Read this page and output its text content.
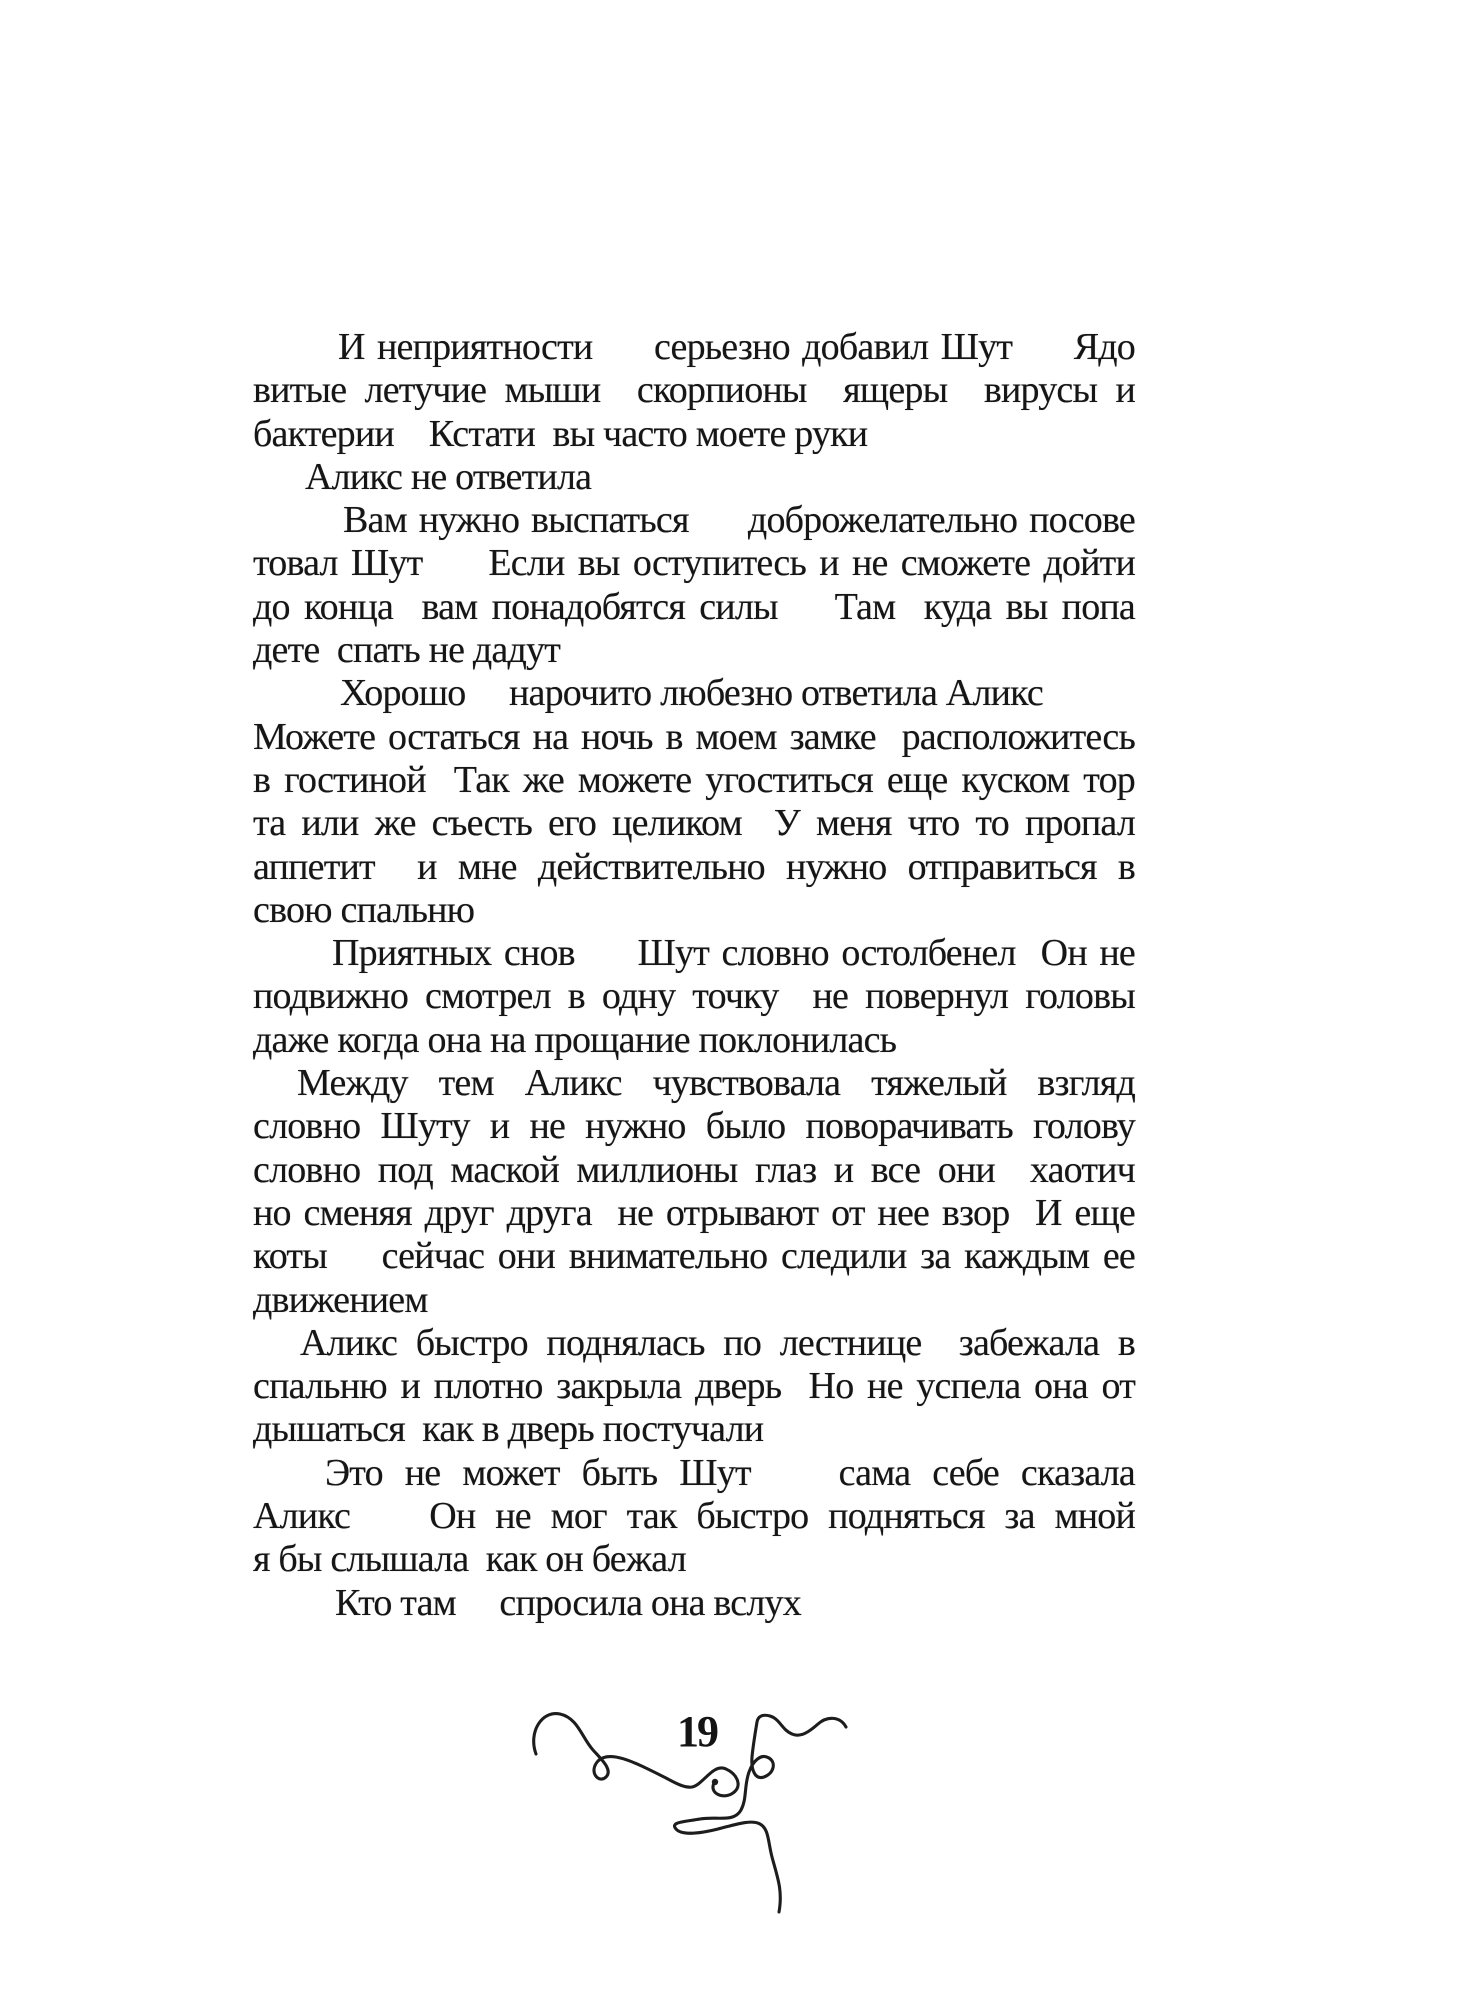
И неприятности     серьезно добавил Шут     Ядо
витые летучие мыши  скорпионы  ящеры  вирусы и
бактерии    Кстати  вы часто моете руки
Аликс не ответила
Вам нужно выспаться     доброжелательно посове
товал Шут     Если вы оступитесь и не сможете дойти
до конца  вам понадобятся силы    Там  куда вы попа
дете  спать не дадут
Хорошо     нарочито любезно ответила Аликс
Можете остаться на ночь в моем замке  расположитесь
в гостиной  Так же можете угоститься еще куском тор
та или же съесть его целиком  У меня что то пропал
аппетит  и мне действительно нужно отправиться в
свою спальню
Приятных снов     Шут словно остолбенел  Он не
подвижно смотрел в одну точку  не повернул головы
даже когда она на прощание поклонилась
Между тем Аликс чувствовала тяжелый взгляд
словно Шуту и не нужно было поворачивать голову
словно под маской миллионы глаз и все они  хаотич
но сменяя друг друга  не отрывают от нее взор  И еще
коты    сейчас они внимательно следили за каждым ее
движением
Аликс быстро поднялась по лестнице  забежала в
спальню и плотно закрыла дверь  Но не успела она от
дышаться  как в дверь постучали
Это не может быть Шут    сама себе сказала
Аликс    Он не мог так быстро подняться за мной
я бы слышала  как он бежал
Кто там     спросила она вслух
19
